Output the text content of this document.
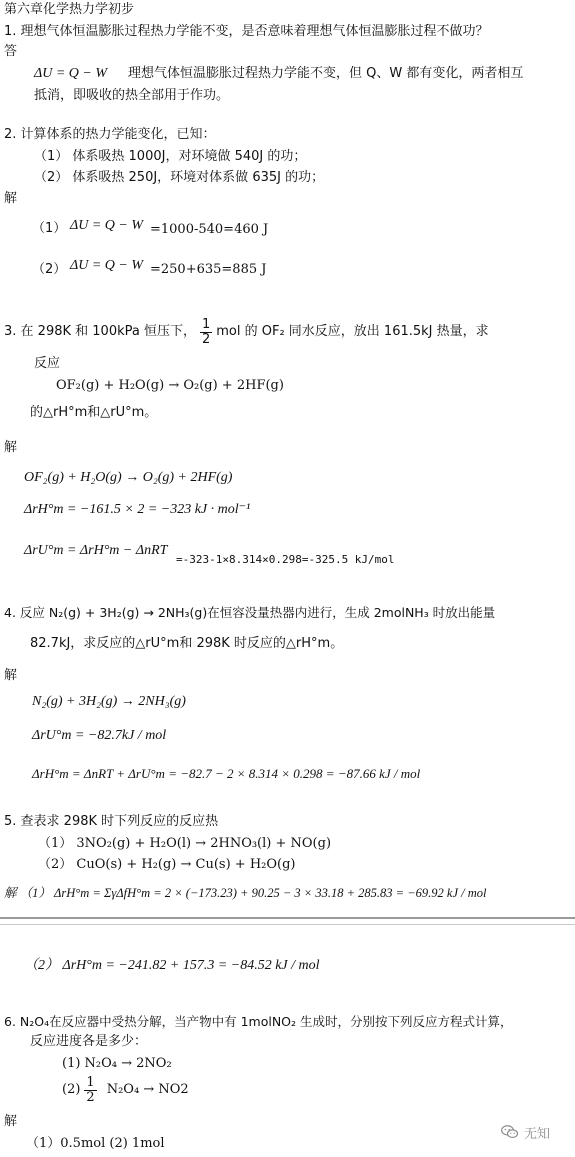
第六章化学热力学初步
1. 理想气体恒温膨胀过程热力学能不变，是否意味着理想气体恒温膨胀过程不做功？
答
ΔU = Q − W 理想气体恒温膨胀过程热力学能不变，但 Q、W 都有变化，两者相互
抵消，即吸收的热全部用于作功。
2. 计算体系的热力学能变化，已知：
（1） 体系吸热 1000J，对环境做 540J 的功；
（2） 体系吸热 250J，环境对体系做 635J 的功；
解
（1） ΔU = Q − W =1000-540=460 J
（2） ΔU = Q − W =250+635=885 J
3. 在 298K 和 100kPa 恒压下， $\frac{1}{2}$ mol 的 OF₂ 同水反应，放出 161.5kJ 热量，求
反应
OF₂(g) + H₂O(g) → O₂(g) + 2HF(g)
的△rH°m和△rU°m。
解
OF₂(g) + H₂O(g) → O₂(g) + 2HF(g)
ΔrH°m = −161.5 × 2 = −323 kJ · mol⁻¹
ΔrU°m = ΔrH°m − ΔnRT
=-323-1×8.314×0.298=-325.5 kJ/mol
4. 反应 N₂(g) + 3H₂(g) → 2NH₃(g)在恒容没量热器内进行，生成 2molNH₃ 时放出能量
82.7kJ，求反应的△rU°m和 298K 时反应的△rH°m。
解
N₂(g) + 3H₂(g) → 2NH₃(g)
ΔrU°m = −82.7kJ / mol
ΔrH°m = ΔnRT + ΔrU°m = −82.7 − 2 × 8.314 × 0.298 = −87.66 kJ / mol
5. 查表求 298K 时下列反应的反应热
（1） 3NO₂(g) + H₂O(l) → 2HNO₃(l) + NO(g)
（2） CuO(s) + H₂(g) → Cu(s) + H₂O(g)
解 （1） ΔrH°m = ΣγΔfH°m = 2 × (−173.23) + 90.25 − 3 × 33.18 + 285.83 = −69.92 kJ / mol
（2） ΔrH°m = −241.82 + 157.3 = −84.52 kJ / mol
6. N₂O₄在反应器中受热分解，当产物中有 1molNO₂ 生成时，分别按下列反应方程式计算，
反应进度各是多少：
(1) N₂O₄ → 2NO₂
$(2) \frac{1}{2} N_2O_4 \to NO2$
解
（1）0.5mol (2) 1mol
无知
